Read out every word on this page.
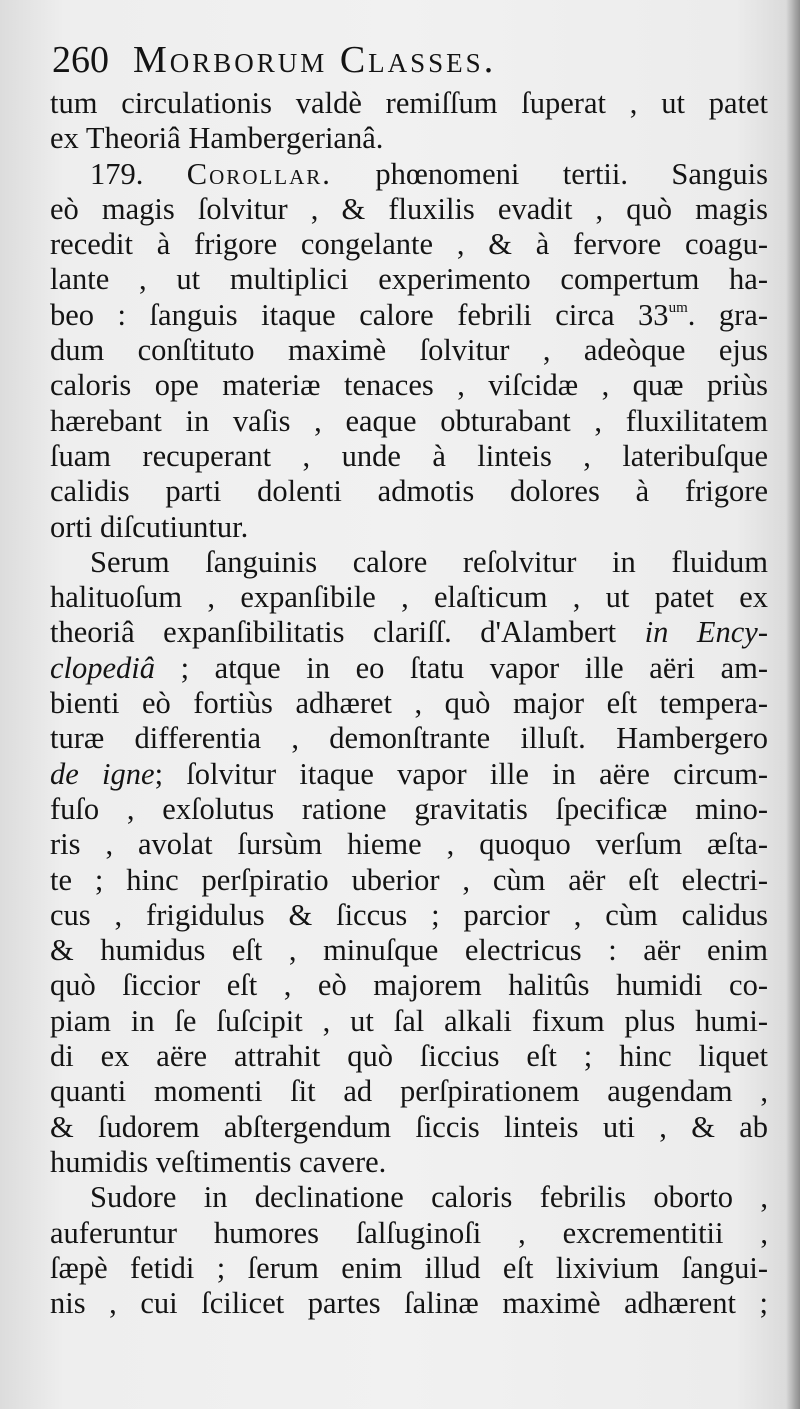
260 Morborum Classes.
tum circulationis valdè remiſſum ſuperat , ut patet
ex Theoriâ Hambergerianâ.
179. Corollar. phœnomeni tertii. Sanguis
eò magis ſolvitur , & fluxilis evadit , quò magis
recedit à frigore congelante , & à fervore coagu-
lante , ut multiplici experimento compertum ha-
beo : ſanguis itaque calore febrili circa $33^{um}$. gra-
dum conſtituto maximè ſolvitur , adeòque ejus
caloris ope materiæ tenaces , viſcidæ , quæ priùs
hærebant in vaſis , eaque obturabant , fluxilitatem
ſuam recuperant , unde à linteis , lateribuſque
calidis parti dolenti admotis dolores à frigore
orti diſcutiuntur.
Serum ſanguinis calore reſolvitur in fluidum
halituoſum , expanſibile , elaſticum , ut patet ex
theoriâ expanſibilitatis clariſſ. d'Alambert in Ency-
clopediâ ; atque in eo ſtatu vapor ille aëri am-
bienti eò fortiùs adhæret , quò major eſt tempera-
turæ differentia , demonſtrante illuſt. Hambergero
de igne; ſolvitur itaque vapor ille in aëre circum-
fuſo , exſolutus ratione gravitatis ſpecificæ mino-
ris , avolat ſursùm hieme , quoquo verſum æſta-
te ; hinc perſpiratio uberior , cùm aër eſt electri-
cus , frigidulus & ſiccus ; parcior , cùm calidus
& humidus eſt , minuſque electricus : aër enim
quò ſiccior eſt , eò majorem halitûs humidi co-
piam in ſe ſuſcipit , ut ſal alkali fixum plus humi-
di ex aëre attrahit quò ſiccius eſt ; hinc liquet
quanti momenti ſit ad perſpirationem augendam ,
& ſudorem abſtergendum ſiccis linteis uti , & ab
humidis veſtimentis cavere.
Sudore in declinatione caloris febrilis oborto ,
auferuntur humores ſalſuginoſi , excrementitii ,
ſæpè fetidi ; ſerum enim illud eſt lixivium ſangui-
nis , cui ſcilicet partes ſalinæ maximè adhærent ;
